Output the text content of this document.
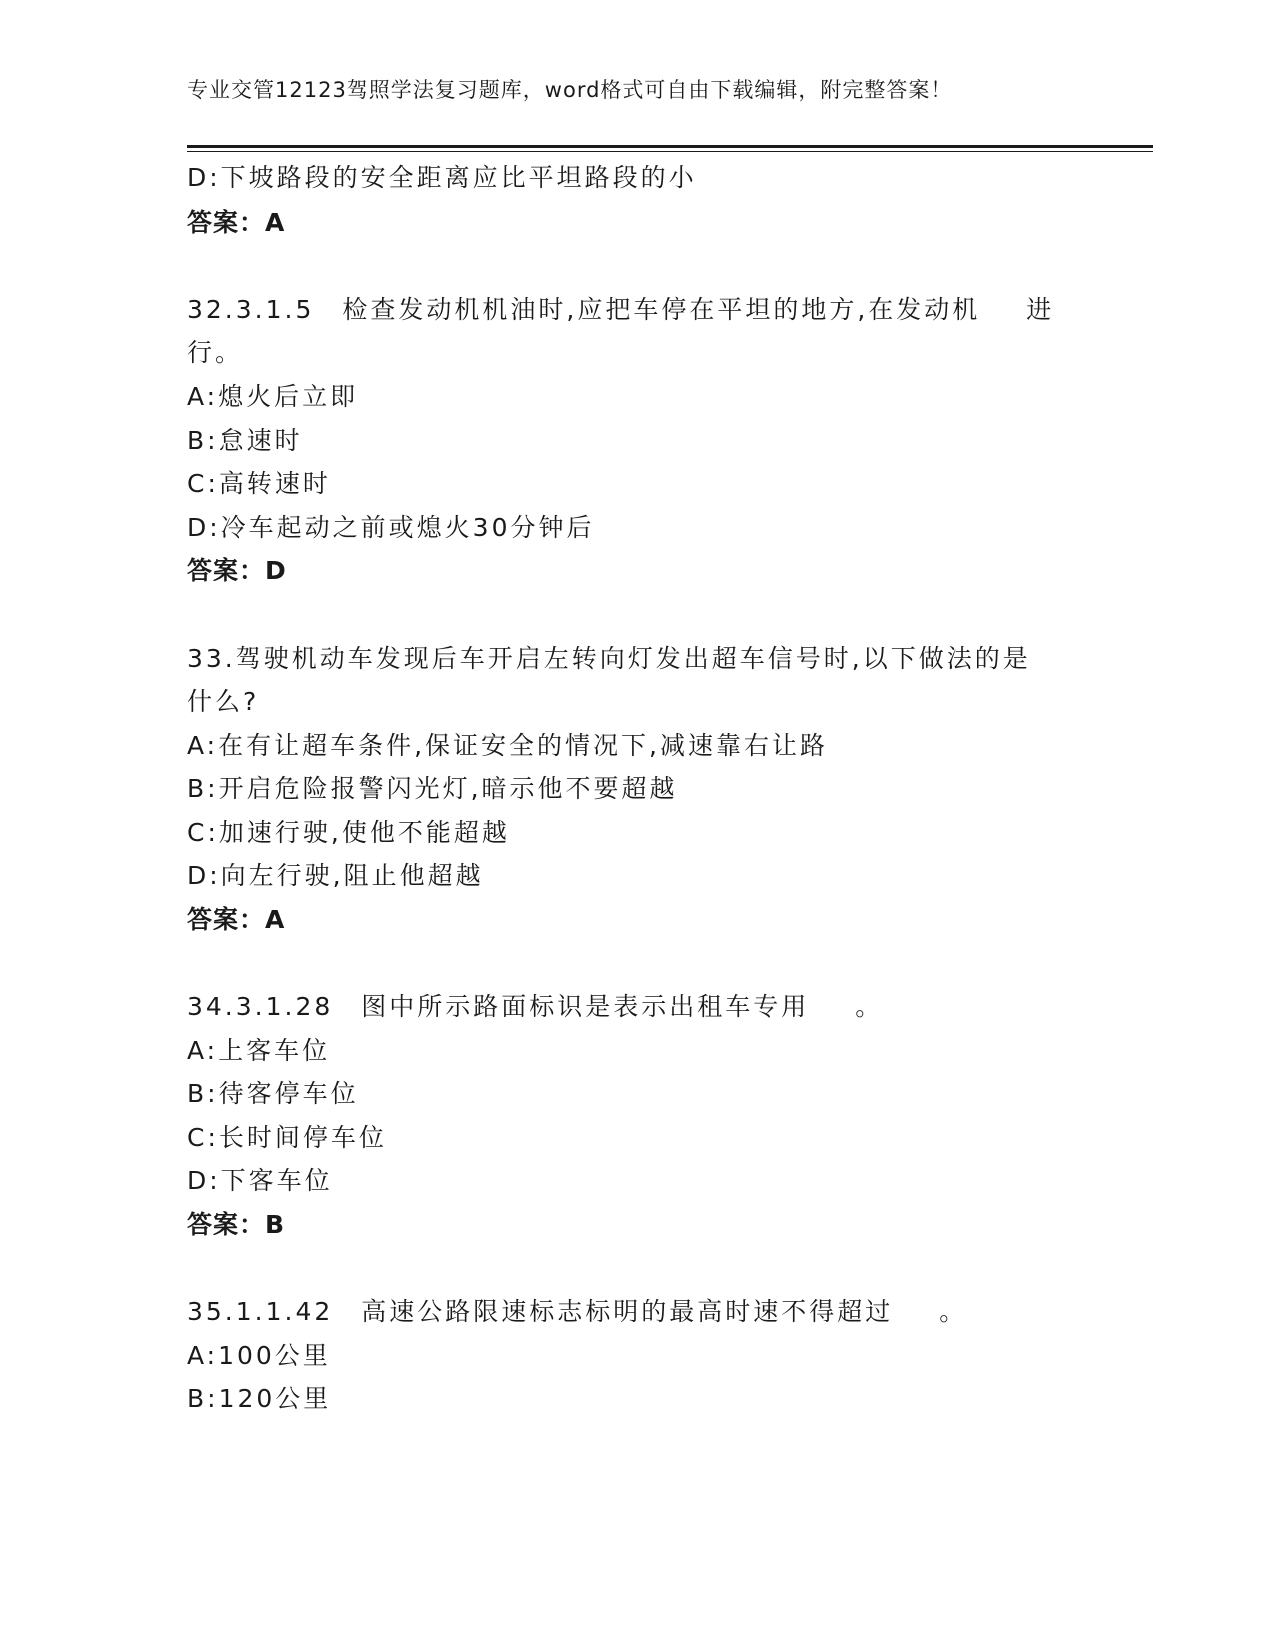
专业交管12123驾照学法复习题库，word格式可自由下载编辑，附完整答案！
D:下坡路段的安全距离应比平坦路段的小
答案：A
32.3.1.5　检查发动机机油时,应把车停在平坦的地方,在发动机 进
行。
A:熄火后立即
B:怠速时
C:高转速时
D:冷车起动之前或熄火30分钟后
答案：D
33.驾驶机动车发现后车开启左转向灯发出超车信号时,以下做法的是
什么?
A:在有让超车条件,保证安全的情况下,减速靠右让路
B:开启危险报警闪光灯,暗示他不要超越
C:加速行驶,使他不能超越
D:向左行驶,阻止他超越
答案：A
34.3.1.28　图中所示路面标识是表示出租车专用 。
A:上客车位
B:待客停车位
C:长时间停车位
D:下客车位
答案：B
35.1.1.42　高速公路限速标志标明的最高时速不得超过 。
A:100公里
B:120公里
